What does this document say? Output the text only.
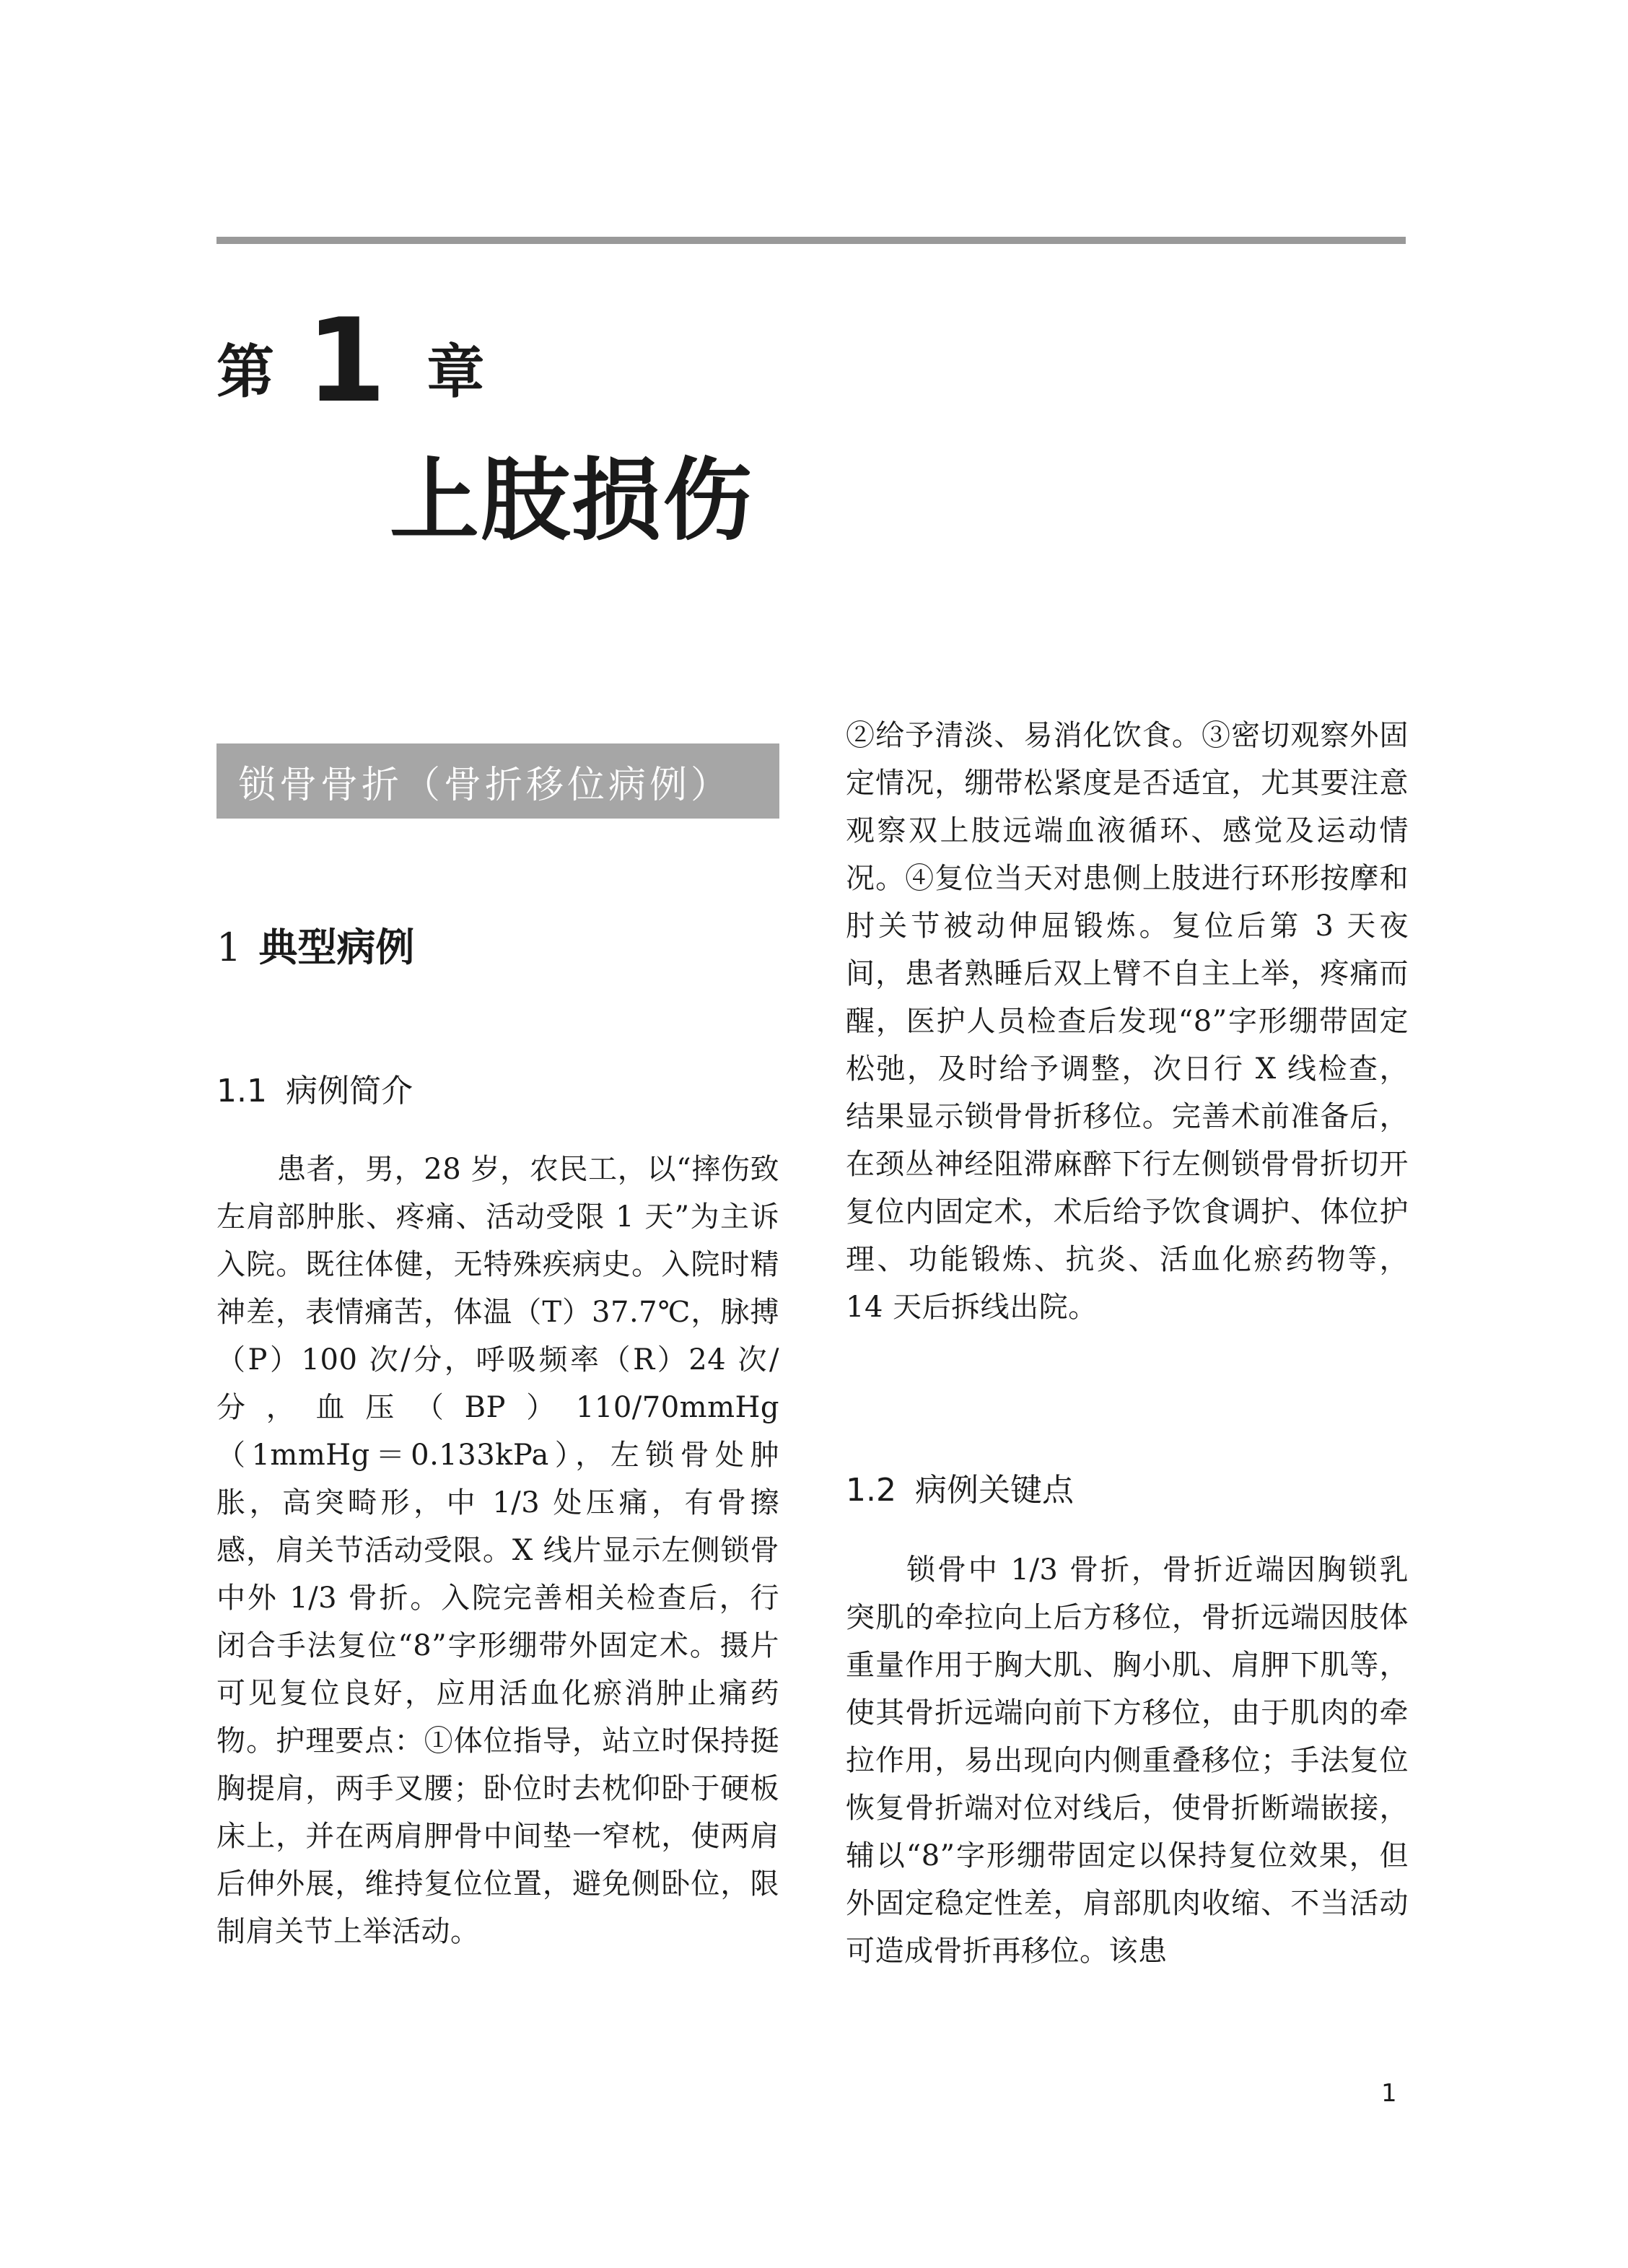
第 1 章
上肢损伤
锁骨骨折（骨折移位病例）
1 典型病例
1.1 病例简介

患者，男，28 岁，农民工，以“摔伤致左肩部肿胀、疼痛、活动受限 1 天”为主诉入院。既往体健，无特殊疾病史。入院时精神差，表情痛苦，体温（T）37.7℃，脉搏（P）100 次/分，呼吸频率（R）24 次/分，血压（BP）110/70mmHg（1mmHg＝0.133kPa），左锁骨处肿胀，高突畸形，中 1/3 处压痛，有骨擦感，肩关节活动受限。X 线片显示左侧锁骨中外 1/3 骨折。入院完善相关检查后，行闭合手法复位“8”字形绷带外固定术。摄片可见复位良好，应用活血化瘀消肿止痛药物。护理要点：①体位指导，站立时保持挺胸提肩，两手叉腰；卧位时去枕仰卧于硬板床上，并在两肩胛骨中间垫一窄枕，使两肩后伸外展，维持复位位置，避免侧卧位，限制肩关节上举活动。

②给予清淡、易消化饮食。③密切观察外固定情况，绷带松紧度是否适宜，尤其要注意观察双上肢远端血液循环、感觉及运动情况。④复位当天对患侧上肢进行环形按摩和肘关节被动伸屈锻炼。复位后第 3 天夜间，患者熟睡后双上臂不自主上举，疼痛而醒，医护人员检查后发现“8”字形绷带固定松弛，及时给予调整，次日行 X 线检查，结果显示锁骨骨折移位。完善术前准备后，在颈丛神经阻滞麻醉下行左侧锁骨骨折切开复位内固定术，术后给予饮食调护、体位护理、功能锻炼、抗炎、活血化瘀药物等，14 天后拆线出院。

1.2 病例关键点

锁骨中 1/3 骨折，骨折近端因胸锁乳突肌的牵拉向上后方移位，骨折远端因肢体重量作用于胸大肌、胸小肌、肩胛下肌等，使其骨折远端向前下方移位，由于肌肉的牵拉作用，易出现向内侧重叠移位；手法复位恢复骨折端对位对线后，使骨折断端嵌接，辅以“8”字形绷带固定以保持复位效果，但外固定稳定性差，肩部肌肉收缩、不当活动可造成骨折再移位。该患

1
